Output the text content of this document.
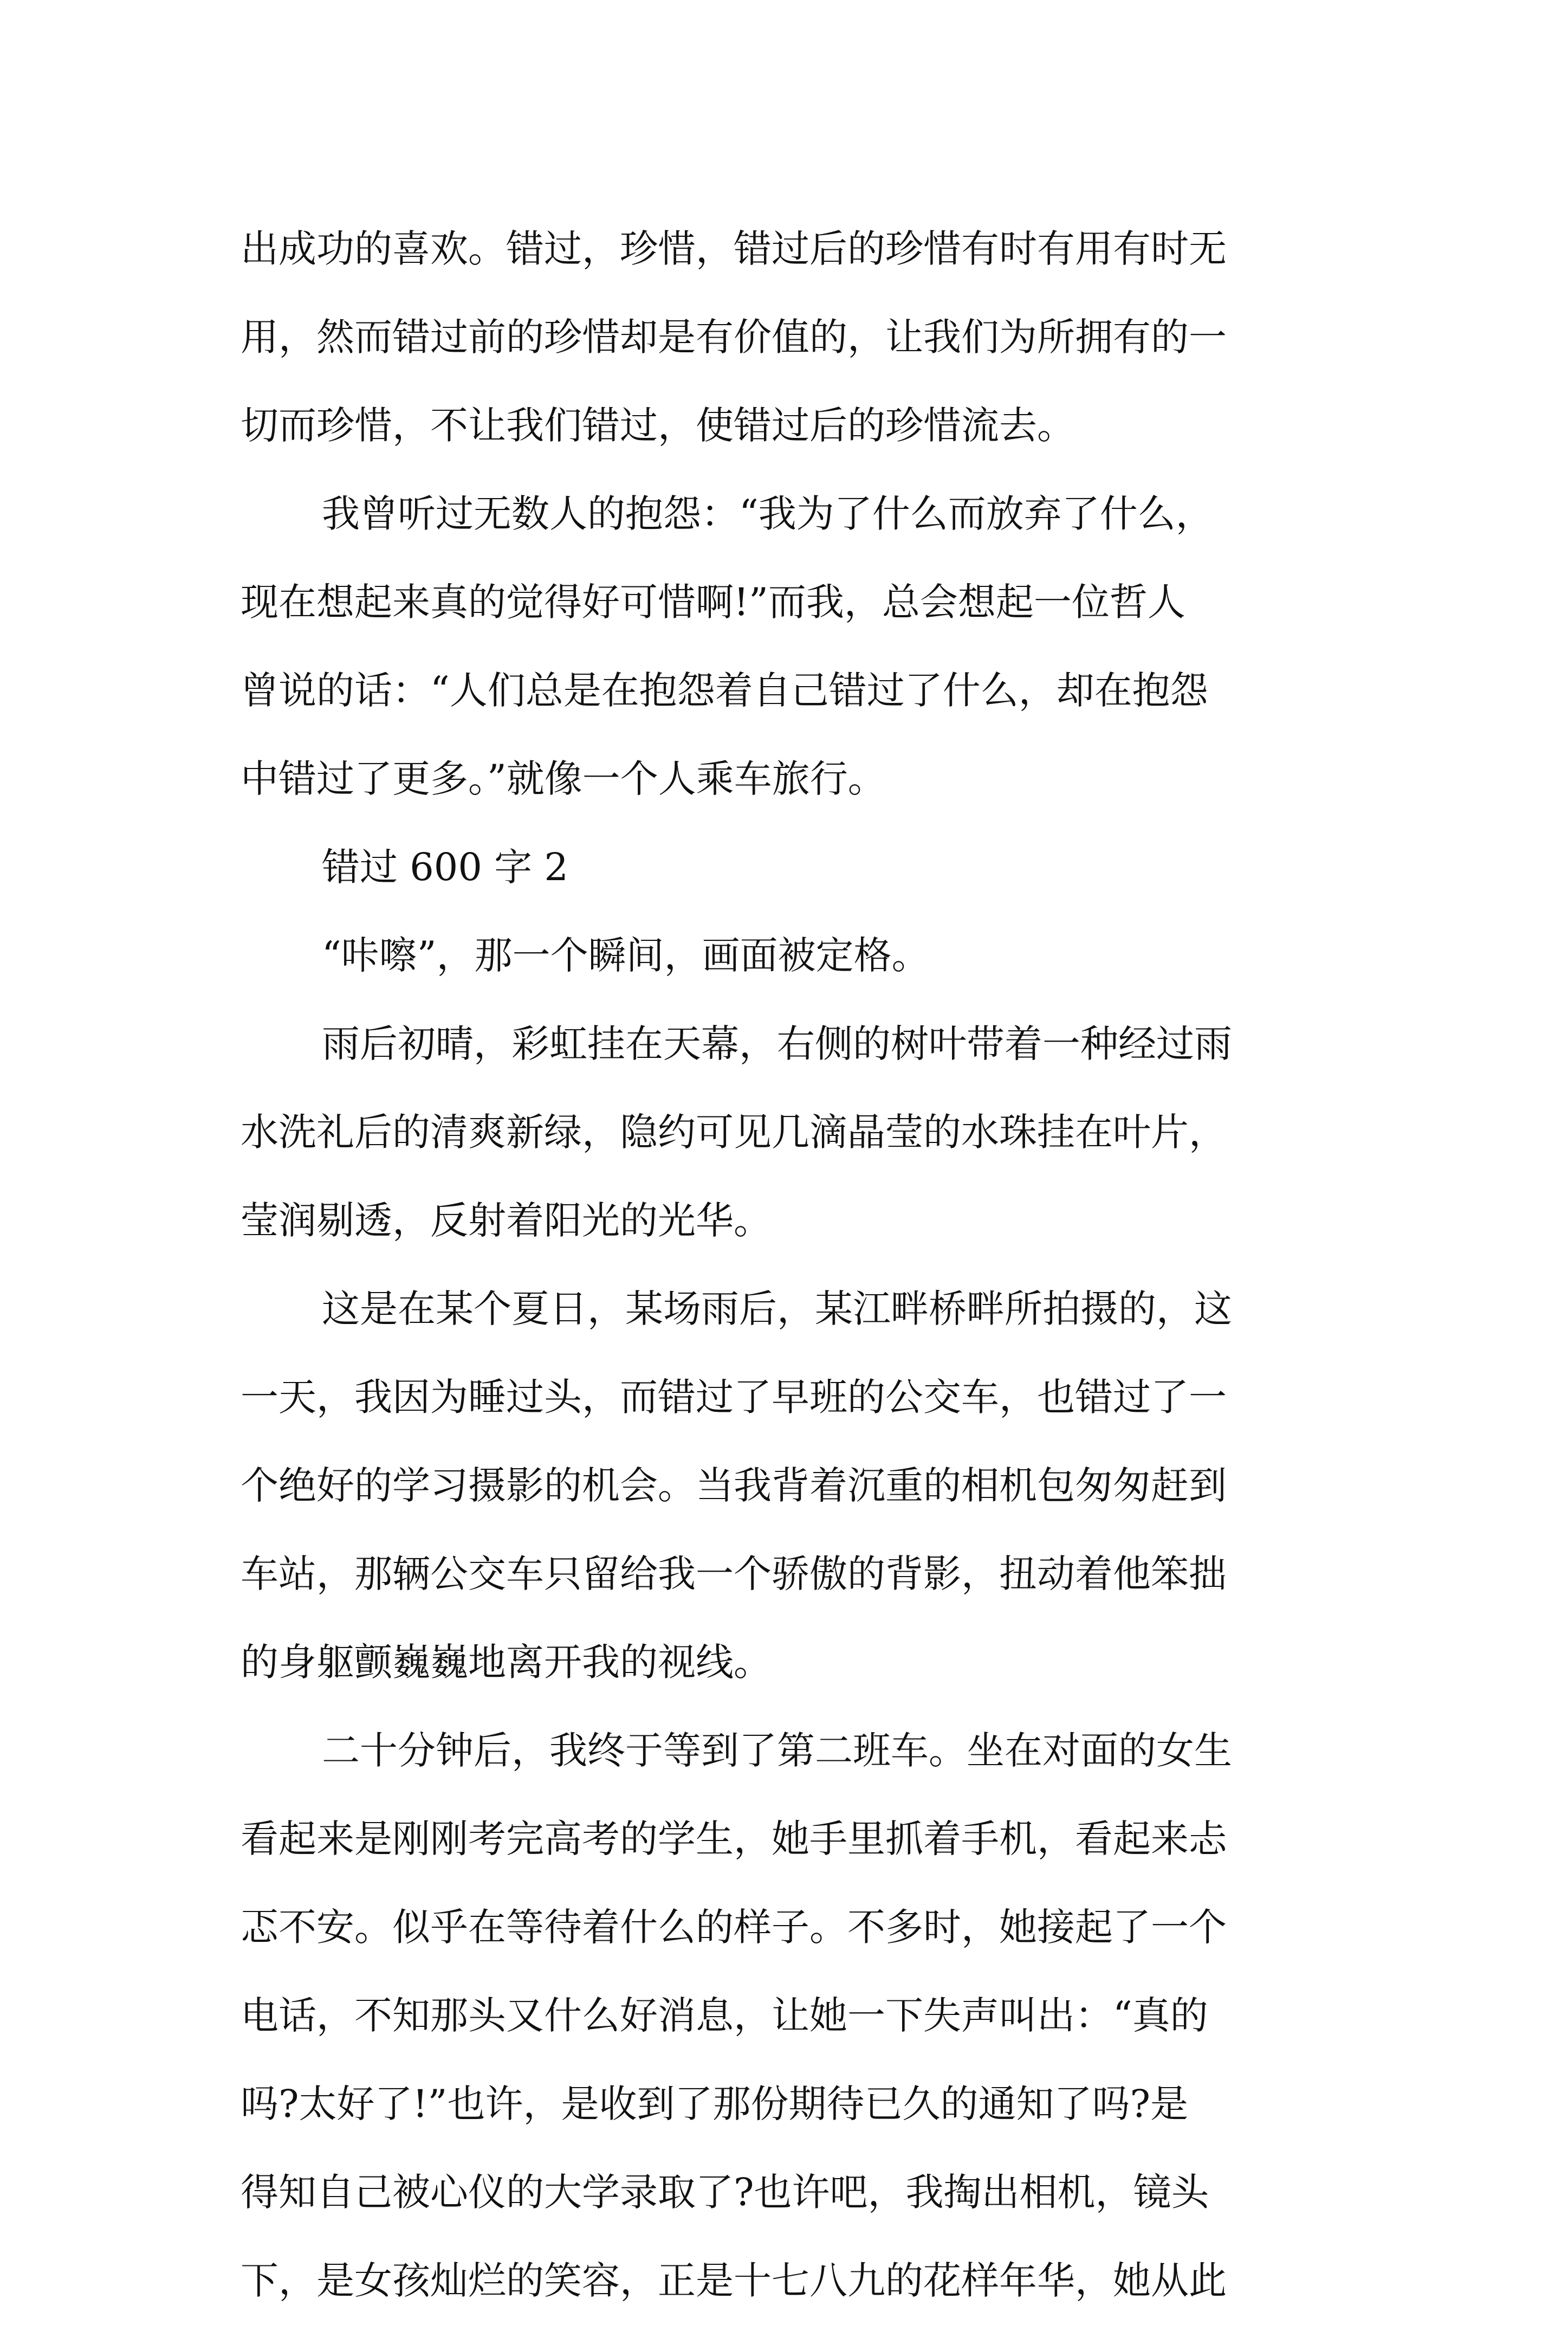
出成功的喜欢。错过，珍惜，错过后的珍惜有时有用有时无
用，然而错过前的珍惜却是有价值的，让我们为所拥有的一
切而珍惜，不让我们错过，使错过后的珍惜流去。
我曾听过无数人的抱怨：“我为了什么而放弃了什么，
现在想起来真的觉得好可惜啊!”而我，总会想起一位哲人
曾说的话：“人们总是在抱怨着自己错过了什么，却在抱怨
中错过了更多。”就像一个人乘车旅行。
错过 600 字 2
“咔嚓”，那一个瞬间，画面被定格。
雨后初晴，彩虹挂在天幕，右侧的树叶带着一种经过雨
水洗礼后的清爽新绿，隐约可见几滴晶莹的水珠挂在叶片，
莹润剔透，反射着阳光的光华。
这是在某个夏日，某场雨后，某江畔桥畔所拍摄的，这
一天，我因为睡过头，而错过了早班的公交车，也错过了一
个绝好的学习摄影的机会。当我背着沉重的相机包匆匆赶到
车站，那辆公交车只留给我一个骄傲的背影，扭动着他笨拙
的身躯颤巍巍地离开我的视线。
二十分钟后，我终于等到了第二班车。坐在对面的女生
看起来是刚刚考完高考的学生，她手里抓着手机，看起来忐
忑不安。似乎在等待着什么的样子。不多时，她接起了一个
电话，不知那头又什么好消息，让她一下失声叫出：“真的
吗?太好了!”也许，是收到了那份期待已久的通知了吗?是
得知自己被心仪的大学录取了?也许吧，我掏出相机，镜头
下，是女孩灿烂的笑容，正是十七八九的花样年华，她从此
